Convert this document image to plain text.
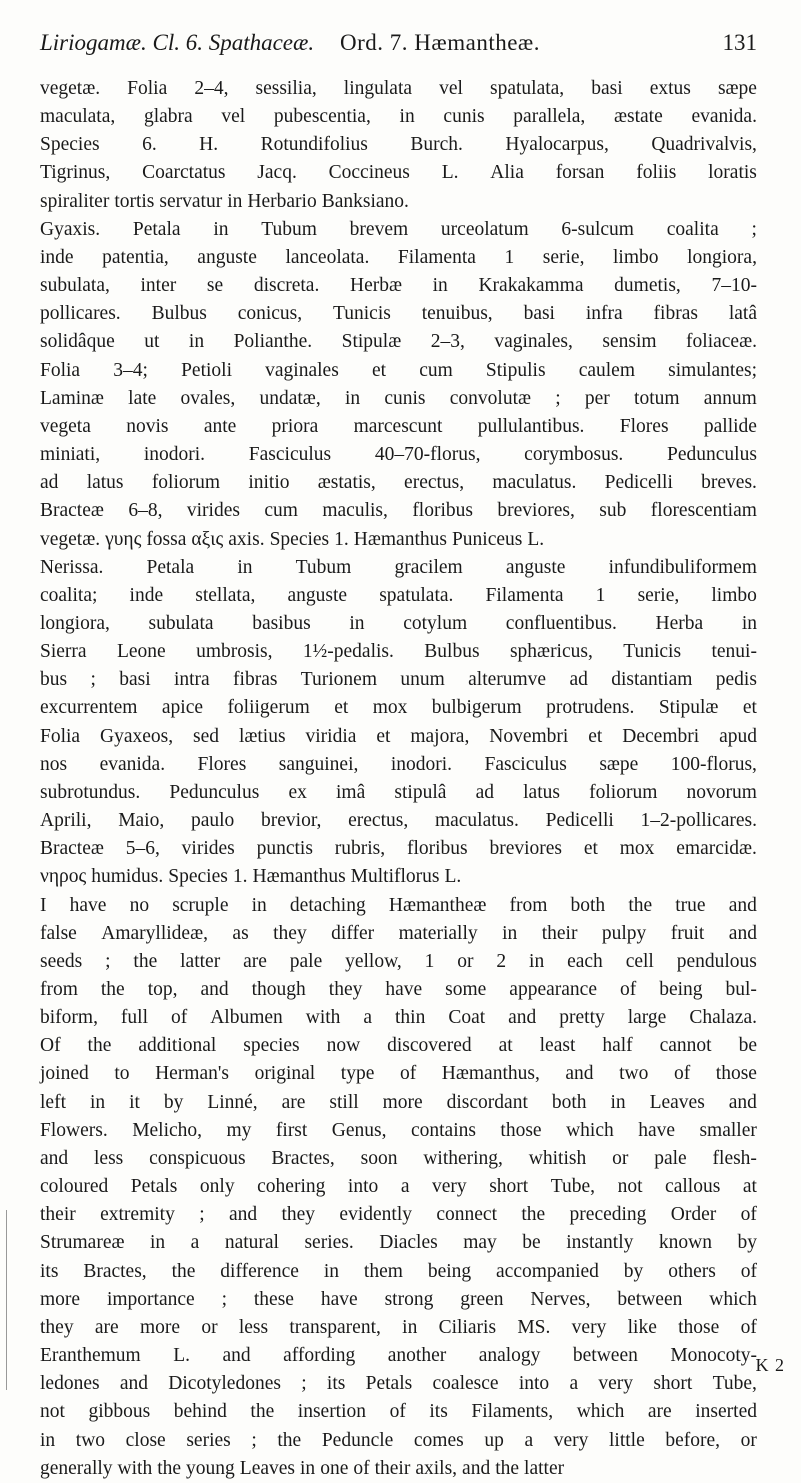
Liriogamæ. Cl. 6. Spathaceæ. Ord. 7. Hæmantheæ.	131
vegetæ. Folia 2–4, sessilia, lingulata vel spatulata, basi extus sæpe
maculata, glabra vel pubescentia, in cunis parallela, æstate evanida.
Species 6. H. Rotundifolius Burch. Hyalocarpus, Quadrivalvis,
Tigrinus, Coarctatus Jacq. Coccineus L. Alia forsan foliis loratis
spiraliter tortis servatur in Herbario Banksiano.
Gyaxis. Petala in Tubum brevem urceolatum 6-sulcum coalita ;
inde patentia, anguste lanceolata. Filamenta 1 serie, limbo longiora,
subulata, inter se discreta. Herbæ in Krakakamma dumetis, 7–10-
pollicares. Bulbus conicus, Tunicis tenuibus, basi infra fibras latâ
solidâque ut in Polianthe. Stipulæ 2–3, vaginales, sensim foliaceæ.
Folia 3–4; Petioli vaginales et cum Stipulis caulem simulantes;
Laminæ late ovales, undatæ, in cunis convolutæ ; per totum annum
vegeta novis ante priora marcescunt pullulantibus. Flores pallide
miniati, inodori. Fasciculus 40–70-florus, corymbosus. Pedunculus
ad latus foliorum initio æstatis, erectus, maculatus. Pedicelli breves.
Bracteæ 6–8, virides cum maculis, floribus breviores, sub florescentiam
vegetæ. γυης fossa αξις axis. Species 1. Hæmanthus Puniceus L.
Nerissa. Petala in Tubum gracilem anguste infundibuliformem
coalita; inde stellata, anguste spatulata. Filamenta 1 serie, limbo
longiora, subulata basibus in cotylum confluentibus. Herba in
Sierra Leone umbrosis, 1½-pedalis. Bulbus sphæricus, Tunicis tenui-
bus ; basi intra fibras Turionem unum alterumve ad distantiam pedis
excurrentem apice foliigerum et mox bulbigerum protrudens. Stipulæ et
Folia Gyaxeos, sed lætius viridia et majora, Novembri et Decembri apud
nos evanida. Flores sanguinei, inodori. Fasciculus sæpe 100-florus,
subrotundus. Pedunculus ex imâ stipulâ ad latus foliorum novorum
Aprili, Maio, paulo brevior, erectus, maculatus. Pedicelli 1–2-pollicares.
Bracteæ 5–6, virides punctis rubris, floribus breviores et mox emarcidæ.
νηρος humidus. Species 1. Hæmanthus Multiflorus L.
I have no scruple in detaching Hæmantheæ from both the true and
false Amaryllideæ, as they differ materially in their pulpy fruit and
seeds ; the latter are pale yellow, 1 or 2 in each cell pendulous
from the top, and though they have some appearance of being bul-
biform, full of Albumen with a thin Coat and pretty large Chalaza.
Of the additional species now discovered at least half cannot be
joined to Herman's original type of Hæmanthus, and two of those
left in it by Linné, are still more discordant both in Leaves and
Flowers. Melicho, my first Genus, contains those which have smaller
and less conspicuous Bractes, soon withering, whitish or pale flesh-
coloured Petals only cohering into a very short Tube, not callous at
their extremity ; and they evidently connect the preceding Order of
Strumareæ in a natural series. Diacles may be instantly known by
its Bractes, the difference in them being accompanied by others of
more importance ; these have strong green Nerves, between which
they are more or less transparent, in Ciliaris MS. very like those of
Eranthemum L. and affording another analogy between Monocoty-
ledones and Dicotyledones ; its Petals coalesce into a very short Tube,
not gibbous behind the insertion of its Filaments, which are inserted
in two close series ; the Peduncle comes up a very little before, or
generally with the young Leaves in one of their axils, and the latter
K 2
